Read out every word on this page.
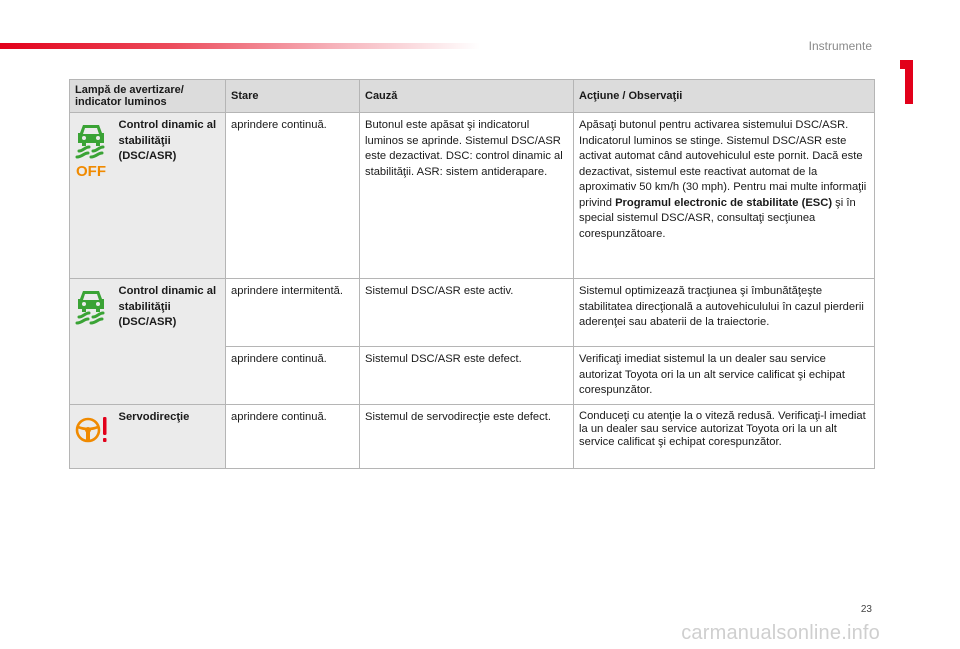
Instrumente
1
Lampă de avertizare/ indicator luminos		Stare	Cauză	Acţiune / Observaţii

OFF	Control dinamic al stabilităţii (DSC/ASR)	aprindere continuă.	Butonul este apăsat şi indicatorul luminos se aprinde. Sistemul DSC/ASR este dezactivat. DSC: control dinamic al stabilităţii. ASR: sistem antiderapare.	Apăsaţi butonul pentru activarea sistemului DSC/ASR. Indicatorul luminos se stinge. Sistemul DSC/ASR este activat automat când autovehiculul este pornit. Dacă este dezactivat, sistemul este reactivat automat de la aproximativ 50 km/h (30 mph). Pentru mai multe informaţii privind Programul electronic de stabilitate (ESC) şi în special sistemul DSC/ASR, consultaţi secţiunea corespunzătoare.

	Control dinamic al stabilităţii (DSC/ASR)	aprindere intermitentă.	Sistemul DSC/ASR este activ.	Sistemul optimizează tracţiunea şi îmbunătăţeşte stabilitatea direcţională a autovehiculului în cazul pierderii aderenţei sau abaterii de la traiectorie.
		aprindere continuă.	Sistemul DSC/ASR este defect.	Verificaţi imediat sistemul la un dealer sau service autorizat Toyota ori la un alt service calificat şi echipat corespunzător.

	Servodirecţie	aprindere continuă.	Sistemul de servodirecţie este defect.	Conduceţi cu atenţie la o viteză redusă. Verificaţi-l imediat la un dealer sau service autorizat Toyota ori la un alt service calificat şi echipat corespunzător.
23
carmanualsonline.info
